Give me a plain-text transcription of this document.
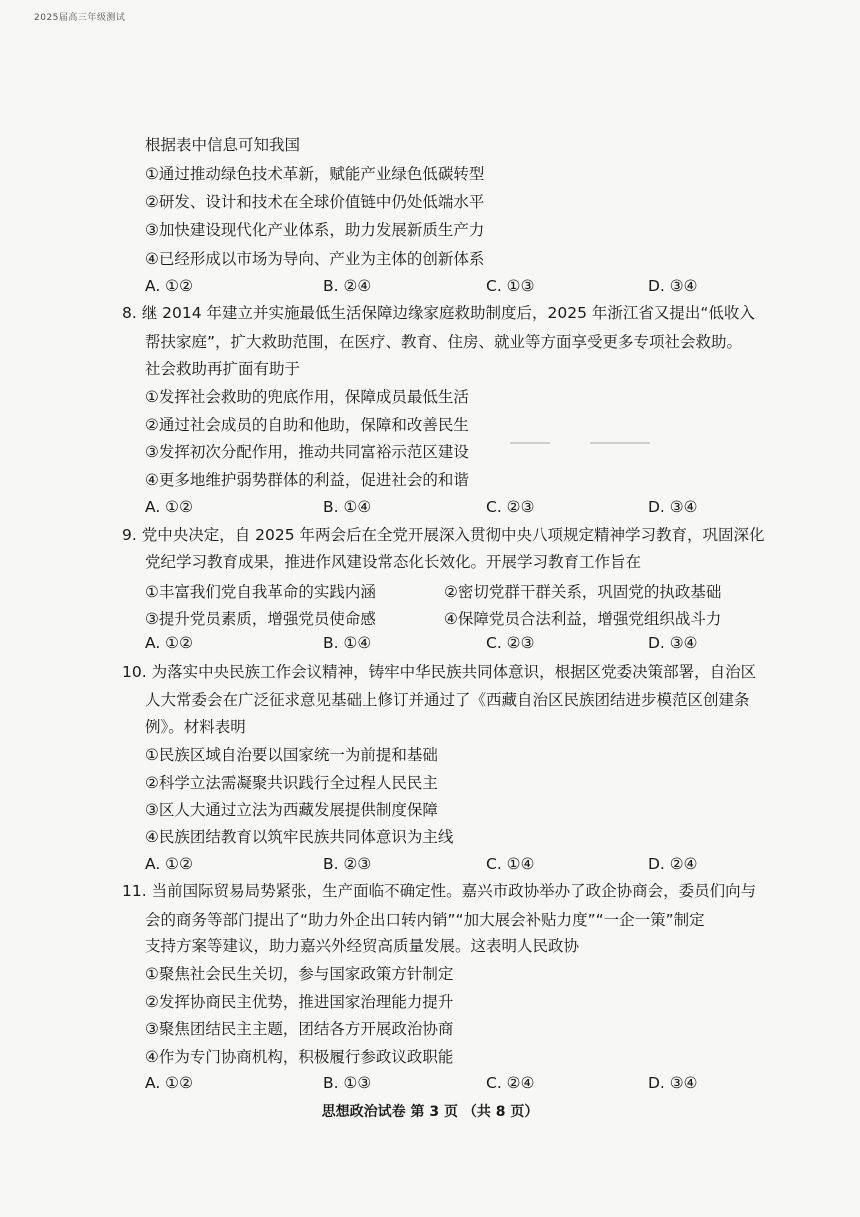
2025届高三年级测试
根据表中信息可知我国
①通过推动绿色技术革新，赋能产业绿色低碳转型
②研发、设计和技术在全球价值链中仍处低端水平
③加快建设现代化产业体系，助力发展新质生产力
④已经形成以市场为导向、产业为主体的创新体系
A. ①②	B. ②④	C. ①③	D. ③④
8. 继 2014 年建立并实施最低生活保障边缘家庭救助制度后，2025 年浙江省又提出“低收入
帮扶家庭”，扩大救助范围，在医疗、教育、住房、就业等方面享受更多专项社会救助。
社会救助再扩面有助于
①发挥社会救助的兜底作用，保障成员最低生活
②通过社会成员的自助和他助，保障和改善民生
③发挥初次分配作用，推动共同富裕示范区建设
④更多地维护弱势群体的利益，促进社会的和谐
A. ①②	B. ①④	C. ②③	D. ③④
9. 党中央决定，自 2025 年两会后在全党开展深入贯彻中央八项规定精神学习教育，巩固深化
党纪学习教育成果，推进作风建设常态化长效化。开展学习教育工作旨在
①丰富我们党自我革命的实践内涵	②密切党群干群关系，巩固党的执政基础
③提升党员素质，增强党员使命感	④保障党员合法利益，增强党组织战斗力
A. ①②	B. ①④	C. ②③	D. ③④
10. 为落实中央民族工作会议精神，铸牢中华民族共同体意识，根据区党委决策部署，自治区
人大常委会在广泛征求意见基础上修订并通过了《西藏自治区民族团结进步模范区创建条
例》。材料表明
①民族区域自治要以国家统一为前提和基础
②科学立法需凝聚共识践行全过程人民民主
③区人大通过立法为西藏发展提供制度保障
④民族团结教育以筑牢民族共同体意识为主线
A. ①②	B. ②③	C. ①④	D. ②④
11. 当前国际贸易局势紧张，生产面临不确定性。嘉兴市政协举办了政企协商会，委员们向与
会的商务等部门提出了“助力外企出口转内销”“加大展会补贴力度”“一企一策”制定
支持方案等建议，助力嘉兴外经贸高质量发展。这表明人民政协
①聚焦社会民生关切，参与国家政策方针制定
②发挥协商民主优势，推进国家治理能力提升
③聚焦团结民主主题，团结各方开展政治协商
④作为专门协商机构，积极履行参政议政职能
A. ①②	B. ①③	C. ②④	D. ③④
思想政治试卷 第 3 页 （共 8 页）
